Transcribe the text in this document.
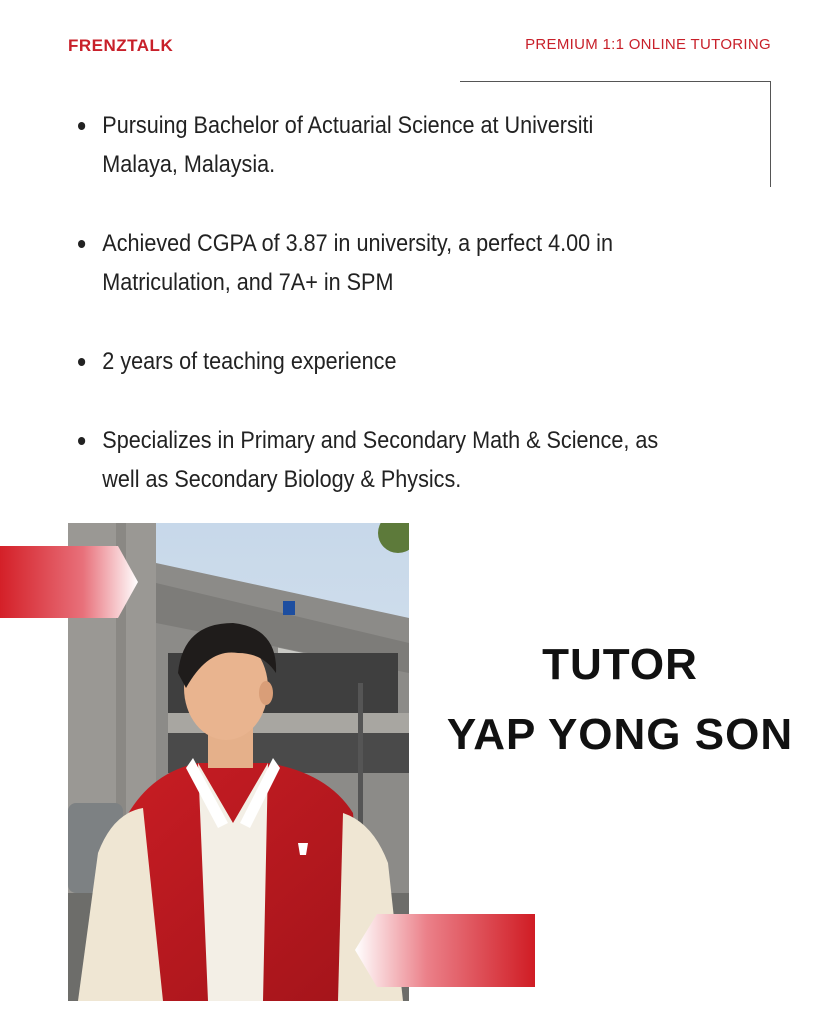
FRENZTALK	PREMIUM 1:1 ONLINE TUTORING
Pursuing Bachelor of Actuarial Science at Universiti
Malaya, Malaysia.
Achieved CGPA of 3.87 in university, a perfect 4.00 in
Matriculation, and 7A+ in SPM
2 years of teaching experience
Specializes in Primary and Secondary Math & Science, as
well as Secondary Biology & Physics.
TUTOR
YAP YONG SON
